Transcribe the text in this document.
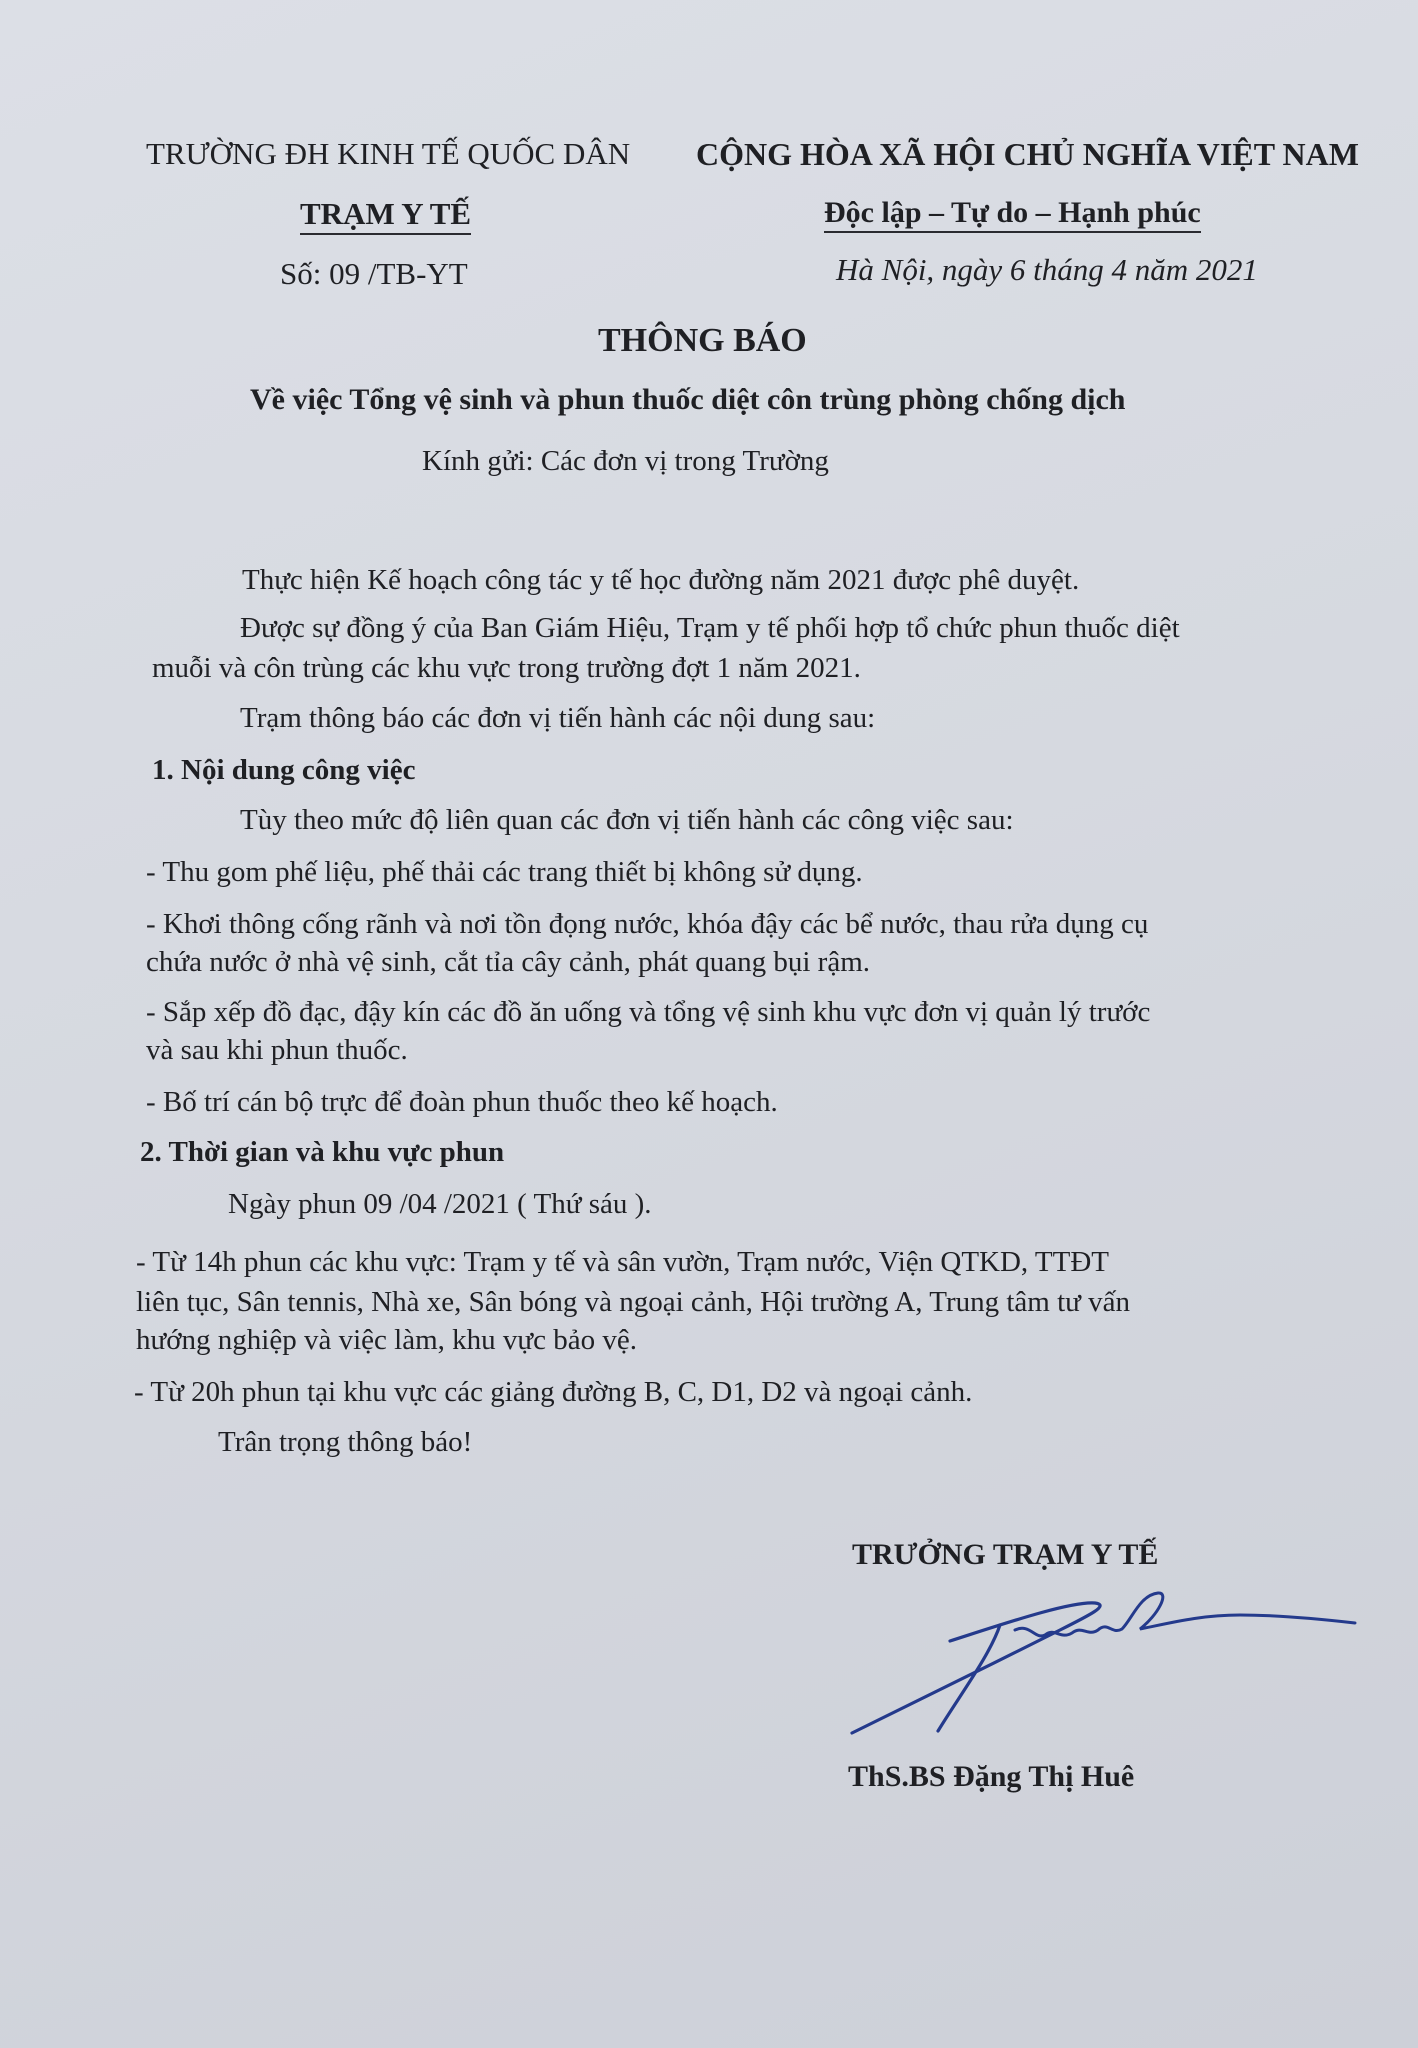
TRƯỜNG ĐH KINH TẾ QUỐC DÂN
TRẠM Y TẾ
Số: 09 /TB-YT
CỘNG HÒA XÃ HỘI CHỦ NGHĨA VIỆT NAM
Độc lập – Tự do – Hạnh phúc
Hà Nội, ngày 6 tháng 4 năm 2021
THÔNG BÁO
Về việc Tổng vệ sinh và phun thuốc diệt côn trùng phòng chống dịch
Kính gửi: Các đơn vị trong Trường
Thực hiện Kế hoạch công tác y tế học đường năm 2021 được phê duyệt.
Được sự đồng ý của Ban Giám Hiệu, Trạm y tế phối hợp tổ chức phun thuốc diệt
muỗi và côn trùng các khu vực trong trường đợt 1 năm 2021.
Trạm thông báo các đơn vị tiến hành các nội dung sau:
1. Nội dung công việc
Tùy theo mức độ liên quan các đơn vị tiến hành các công việc sau:
- Thu gom phế liệu, phế thải các trang thiết bị không sử dụng.
- Khơi thông cống rãnh và nơi tồn đọng nước, khóa đậy các bể nước, thau rửa dụng cụ
chứa nước ở nhà vệ sinh, cắt tỉa cây cảnh, phát quang bụi rậm.
- Sắp xếp đồ đạc, đậy kín các đồ ăn uống và tổng vệ sinh khu vực đơn vị quản lý trước
và sau khi phun thuốc.
- Bố trí cán bộ trực để đoàn phun thuốc theo kế hoạch.
2. Thời gian và khu vực phun
Ngày phun 09 /04 /2021 ( Thứ sáu ).
- Từ 14h phun các khu vực: Trạm y tế và sân vườn, Trạm nước, Viện QTKD, TTĐT
liên tục, Sân tennis, Nhà xe, Sân bóng và ngoại cảnh, Hội trường A, Trung tâm tư vấn
hướng nghiệp và việc làm, khu vực bảo vệ.
- Từ 20h phun tại khu vực các giảng đường B, C, D1, D2 và ngoại cảnh.
Trân trọng thông báo!
TRƯỞNG TRẠM Y TẾ
ThS.BS Đặng Thị Huê
